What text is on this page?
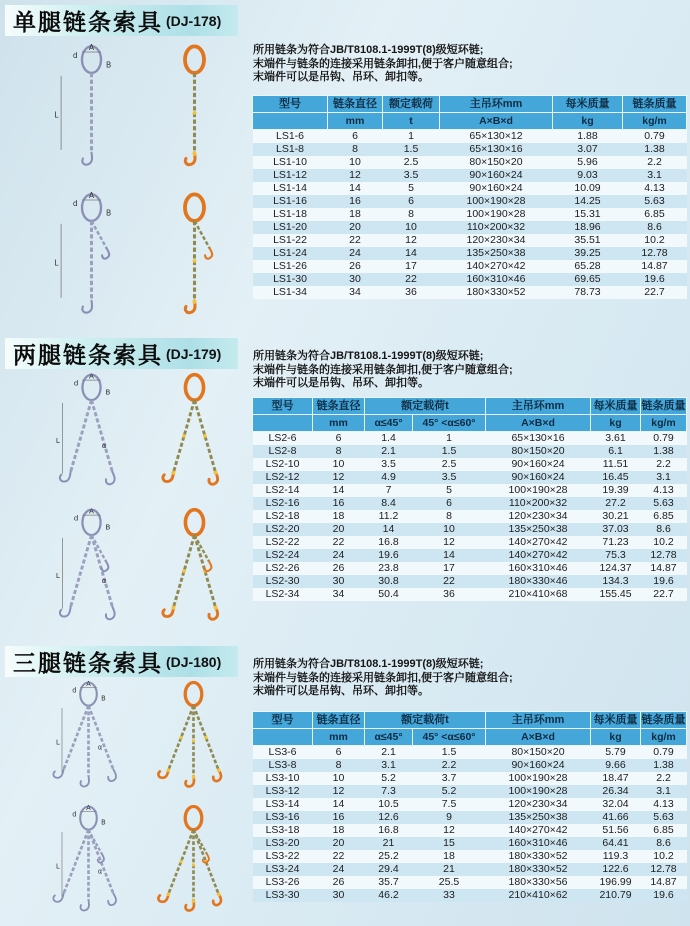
单腿链条索具 (DJ-178)
A
d
B
L
A
d
B
L
所用链条为符合JB/T8108.1-1999T(8)级短环链;
末端件与链条的连接采用链条卸扣,便于客户随意组合;
末端件可以是吊钩、吊环、卸扣等。
型号	链条直径	额定载荷	主吊环mm	每米质量	链条质量
	mm	t	A×B×d	kg	kg/m
LS1-6	6	1	65×130×12	1.88	0.79
LS1-8	8	1.5	65×130×16	3.07	1.38
LS1-10	10	2.5	80×150×20	5.96	2.2
LS1-12	12	3.5	90×160×24	9.03	3.1
LS1-14	14	5	90×160×24	10.09	4.13
LS1-16	16	6	100×190×28	14.25	5.63
LS1-18	18	8	100×190×28	15.31	6.85
LS1-20	20	10	110×200×32	18.96	8.6
LS1-22	22	12	120×230×34	35.51	10.2
LS1-24	24	14	135×250×38	39.25	12.78
LS1-26	26	17	140×270×42	65.28	14.87
LS1-30	30	22	160×310×46	69.65	19.6
LS1-34	34	36	180×330×52	78.73	22.7
两腿链条索具 (DJ-179)
A
d
B
L
α
A
d
B
L
α
所用链条为符合JB/T8108.1-1999T(8)级短环链;
末端件与链条的连接采用链条卸扣,便于客户随意组合;
末端件可以是吊钩、吊环、卸扣等。
型号	链条直径	额定载荷t		主吊环mm	每米质量	链条质量
	mm	α≤45°	45° <α≤60°	A×B×d	kg	kg/m
LS2-6	6	1.4	1	65×130×16	3.61	0.79
LS2-8	8	2.1	1.5	80×150×20	6.1	1.38
LS2-10	10	3.5	2.5	90×160×24	11.51	2.2
LS2-12	12	4.9	3.5	90×160×24	16.45	3.1
LS2-14	14	7	5	100×190×28	19.39	4.13
LS2-16	16	8.4	6	110×200×32	27.2	5.63
LS2-18	18	11.2	8	120×230×34	30.21	6.85
LS2-20	20	14	10	135×250×38	37.03	8.6
LS2-22	22	16.8	12	140×270×42	71.23	10.2
LS2-24	24	19.6	14	140×270×42	75.3	12.78
LS2-26	26	23.8	17	160×310×46	124.37	14.87
LS2-30	30	30.8	22	180×330×46	134.3	19.6
LS2-34	34	50.4	36	210×410×68	155.45	22.7
三腿链条索具 (DJ-180)
A
d
B
L
α
A
d
B
L
α
所用链条为符合JB/T8108.1-1999T(8)级短环链;
末端件与链条的连接采用链条卸扣,便于客户随意组合;
末端件可以是吊钩、吊环、卸扣等。
型号	链条直径	额定载荷t		主吊环mm	每米质量	链条质量
	mm	α≤45°	45° <α≤60°	A×B×d	kg	kg/m
LS3-6	6	2.1	1.5	80×150×20	5.79	0.79
LS3-8	8	3.1	2.2	90×160×24	9.66	1.38
LS3-10	10	5.2	3.7	100×190×28	18.47	2.2
LS3-12	12	7.3	5.2	100×190×28	26.34	3.1
LS3-14	14	10.5	7.5	120×230×34	32.04	4.13
LS3-16	16	12.6	9	135×250×38	41.66	5.63
LS3-18	18	16.8	12	140×270×42	51.56	6.85
LS3-20	20	21	15	160×310×46	64.41	8.6
LS3-22	22	25.2	18	180×330×52	119.3	10.2
LS3-24	24	29.4	21	180×330×52	122.6	12.78
LS3-26	26	35.7	25.5	180×330×56	196.99	14.87
LS3-30	30	46.2	33	210×410×62	210.79	19.6
